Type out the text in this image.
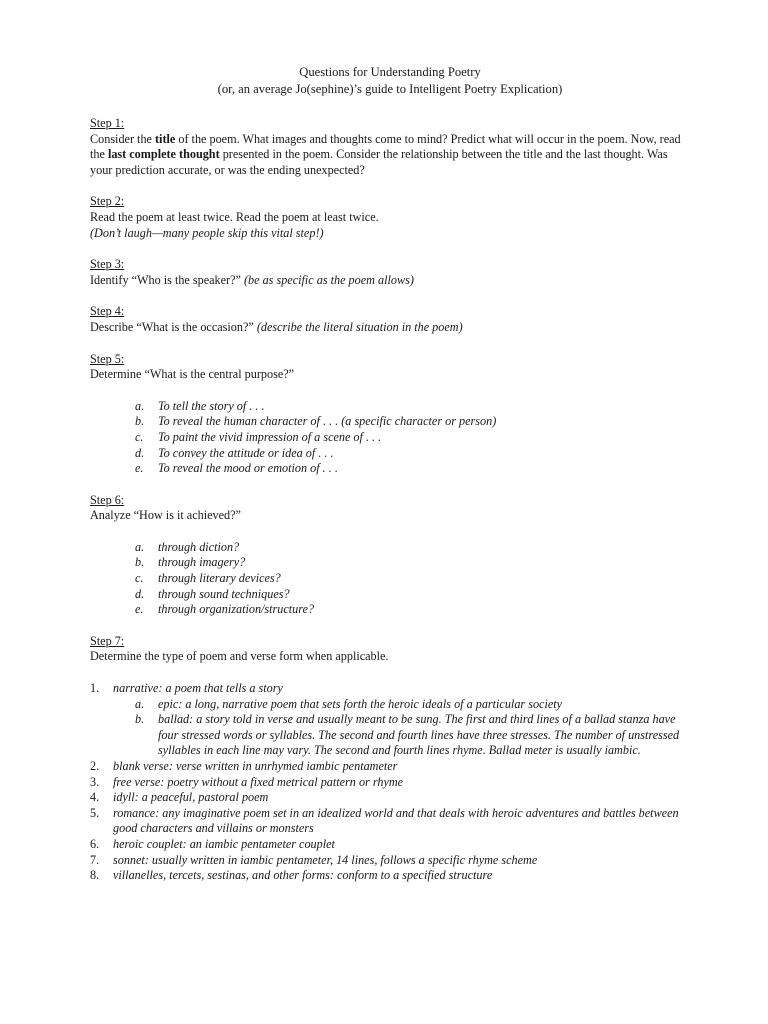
Questions for Understanding Poetry
(or, an average Jo(sephine)’s guide to Intelligent Poetry Explication)
Step 1:
Consider the title of the poem. What images and thoughts come to mind? Predict what will occur in the poem. Now, read the last complete thought presented in the poem. Consider the relationship between the title and the last thought. Was your prediction accurate, or was the ending unexpected?
Step 2:
Read the poem at least twice. Read the poem at least twice.
(Don’t laugh—many people skip this vital step!)
Step 3:
Identify “Who is the speaker?” (be as specific as the poem allows)
Step 4:
Describe “What is the occasion?” (describe the literal situation in the poem)
Step 5:
Determine “What is the central purpose?”
a. To tell the story of . . .
b. To reveal the human character of . . . (a specific character or person)
c. To paint the vivid impression of a scene of . . .
d. To convey the attitude or idea of . . .
e. To reveal the mood or emotion of . . .
Step 6:
Analyze “How is it achieved?”
a. through diction?
b. through imagery?
c. through literary devices?
d. through sound techniques?
e. through organization/structure?
Step 7:
Determine the type of poem and verse form when applicable.
1. narrative: a poem that tells a story
a. epic: a long, narrative poem that sets forth the heroic ideals of a particular society
b. ballad: a story told in verse and usually meant to be sung. The first and third lines of a ballad stanza have four stressed words or syllables. The second and fourth lines have three stresses. The number of unstressed syllables in each line may vary. The second and fourth lines rhyme. Ballad meter is usually iambic.
2. blank verse: verse written in unrhymed iambic pentameter
3. free verse: poetry without a fixed metrical pattern or rhyme
4. idyll: a peaceful, pastoral poem
5. romance: any imaginative poem set in an idealized world and that deals with heroic adventures and battles between good characters and villains or monsters
6. heroic couplet: an iambic pentameter couplet
7. sonnet: usually written in iambic pentameter, 14 lines, follows a specific rhyme scheme
8. villanelles, tercets, sestinas, and other forms: conform to a specified structure
